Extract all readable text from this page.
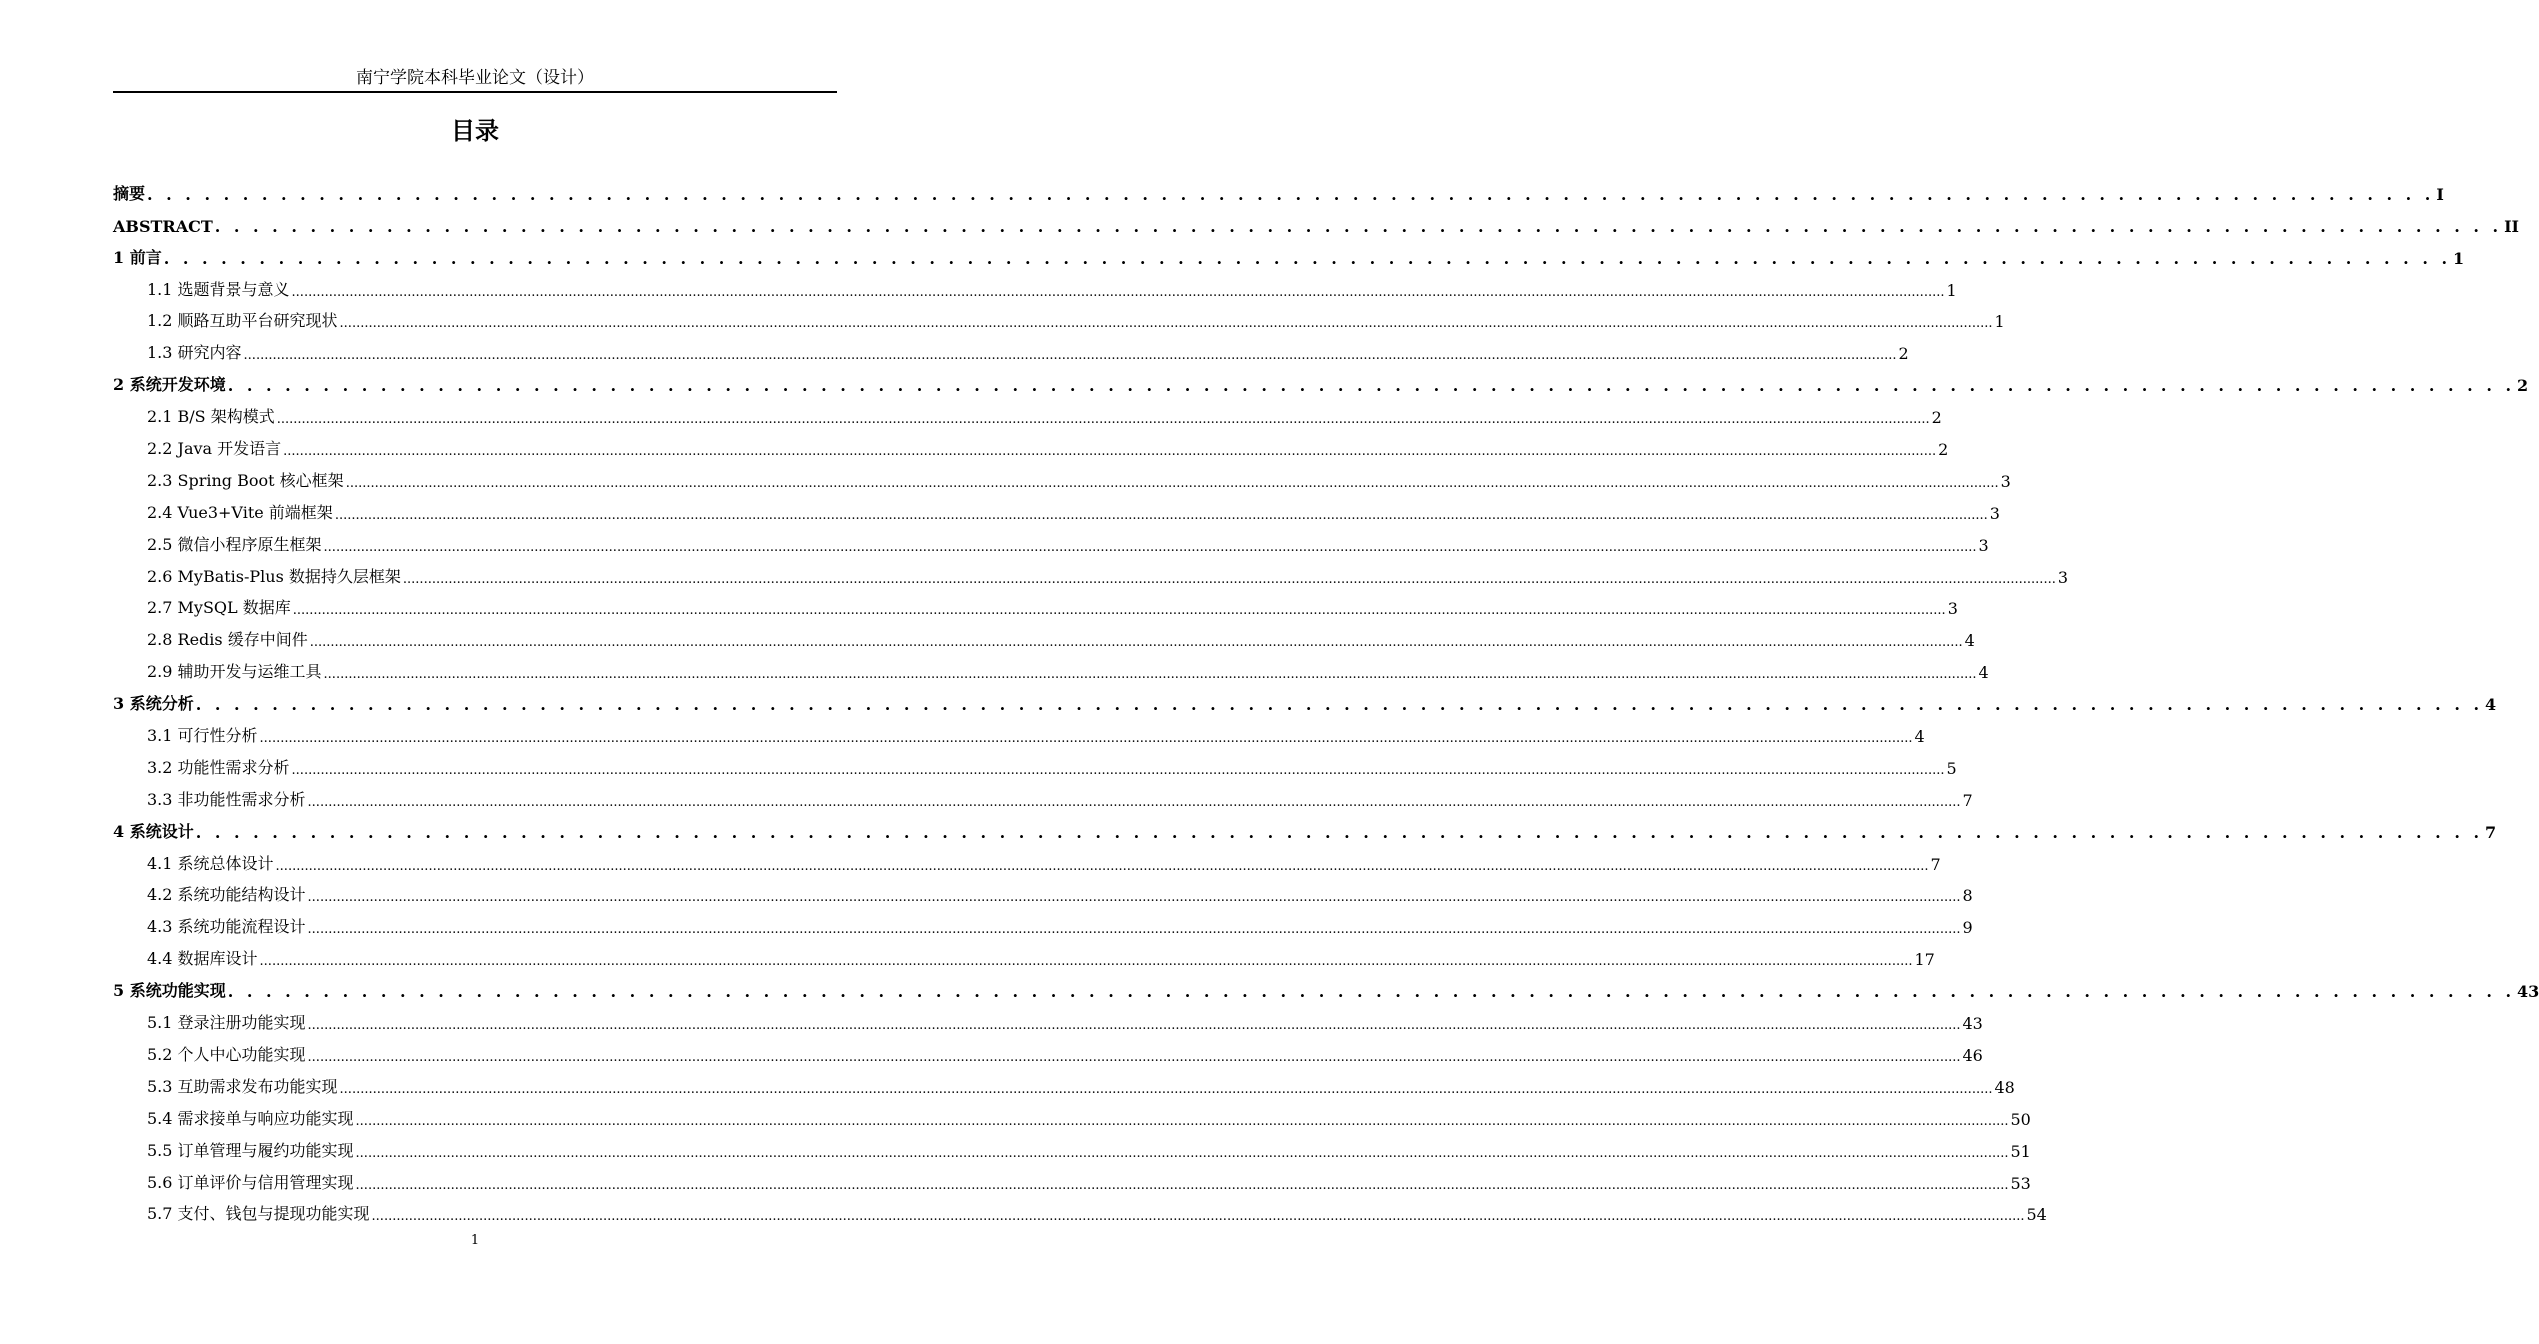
南宁学院本科毕业论文（设计）
目录
摘要 . . . . . . . . . . . . . . . . . . . . . . . . . . . . . . . . . . . . . . . . . . . . . . . . . . . . . . . . . . . . . . . . . . . . . . . . . . . . . . . . . . . . . . . . . . . . . . . . . . . . . . . . . . . . . . . . . . . . . . . . I
ABSTRACT . . . . . . . . . . . . . . . . . . . . . . . . . . . . . . . . . . . . . . . . . . . . . . . . . . . . . . . . . . . . . . . . . . . . . . . . . . . . . . . . . . . . . . . . . . . . . . . . . . . . . . . . . . . . . . . . . . . . . . . . II
1 前言 . . . . . . . . . . . . . . . . . . . . . . . . . . . . . . . . . . . . . . . . . . . . . . . . . . . . . . . . . . . . . . . . . . . . . . . . . . . . . . . . . . . . . . . . . . . . . . . . . . . . . . . . . . . . . . . . . . . . . . . . 1
1.1 选题背景与意义 ................................................................................................................................................................................................................................................................................................................................................................................................................ 1
1.2 顺路互助平台研究现状 ................................................................................................................................................................................................................................................................................................................................................................................................................ 1
1.3 研究内容 ................................................................................................................................................................................................................................................................................................................................................................................................................ 2
2 系统开发环境 . . . . . . . . . . . . . . . . . . . . . . . . . . . . . . . . . . . . . . . . . . . . . . . . . . . . . . . . . . . . . . . . . . . . . . . . . . . . . . . . . . . . . . . . . . . . . . . . . . . . . . . . . . . . . . . . . . . . . . . . 2
2.1 B/S 架构模式 ................................................................................................................................................................................................................................................................................................................................................................................................................ 2
2.2 Java 开发语言 ................................................................................................................................................................................................................................................................................................................................................................................................................ 2
2.3 Spring Boot 核心框架 ................................................................................................................................................................................................................................................................................................................................................................................................................ 3
2.4 Vue3+Vite 前端框架 ................................................................................................................................................................................................................................................................................................................................................................................................................ 3
2.5 微信小程序原生框架 ................................................................................................................................................................................................................................................................................................................................................................................................................ 3
2.6 MyBatis-Plus 数据持久层框架 ................................................................................................................................................................................................................................................................................................................................................................................................................ 3
2.7 MySQL 数据库 ................................................................................................................................................................................................................................................................................................................................................................................................................ 3
2.8 Redis 缓存中间件 ................................................................................................................................................................................................................................................................................................................................................................................................................ 4
2.9 辅助开发与运维工具 ................................................................................................................................................................................................................................................................................................................................................................................................................ 4
3 系统分析 . . . . . . . . . . . . . . . . . . . . . . . . . . . . . . . . . . . . . . . . . . . . . . . . . . . . . . . . . . . . . . . . . . . . . . . . . . . . . . . . . . . . . . . . . . . . . . . . . . . . . . . . . . . . . . . . . . . . . . . . 4
3.1 可行性分析 ................................................................................................................................................................................................................................................................................................................................................................................................................ 4
3.2 功能性需求分析 ................................................................................................................................................................................................................................................................................................................................................................................................................ 5
3.3 非功能性需求分析 ................................................................................................................................................................................................................................................................................................................................................................................................................ 7
4 系统设计 . . . . . . . . . . . . . . . . . . . . . . . . . . . . . . . . . . . . . . . . . . . . . . . . . . . . . . . . . . . . . . . . . . . . . . . . . . . . . . . . . . . . . . . . . . . . . . . . . . . . . . . . . . . . . . . . . . . . . . . . 7
4.1 系统总体设计 ................................................................................................................................................................................................................................................................................................................................................................................................................ 7
4.2 系统功能结构设计 ................................................................................................................................................................................................................................................................................................................................................................................................................ 8
4.3 系统功能流程设计 ................................................................................................................................................................................................................................................................................................................................................................................................................ 9
4.4 数据库设计 ................................................................................................................................................................................................................................................................................................................................................................................................................ 17
5 系统功能实现 . . . . . . . . . . . . . . . . . . . . . . . . . . . . . . . . . . . . . . . . . . . . . . . . . . . . . . . . . . . . . . . . . . . . . . . . . . . . . . . . . . . . . . . . . . . . . . . . . . . . . . . . . . . . . . . . . . . . . . . . 43
5.1 登录注册功能实现 ................................................................................................................................................................................................................................................................................................................................................................................................................ 43
5.2 个人中心功能实现 ................................................................................................................................................................................................................................................................................................................................................................................................................ 46
5.3 互助需求发布功能实现 ................................................................................................................................................................................................................................................................................................................................................................................................................ 48
5.4 需求接单与响应功能实现 ................................................................................................................................................................................................................................................................................................................................................................................................................ 50
5.5 订单管理与履约功能实现 ................................................................................................................................................................................................................................................................................................................................................................................................................ 51
5.6 订单评价与信用管理实现 ................................................................................................................................................................................................................................................................................................................................................................................................................ 53
5.7 支付、钱包与提现功能实现 ................................................................................................................................................................................................................................................................................................................................................................................................................ 54
1
